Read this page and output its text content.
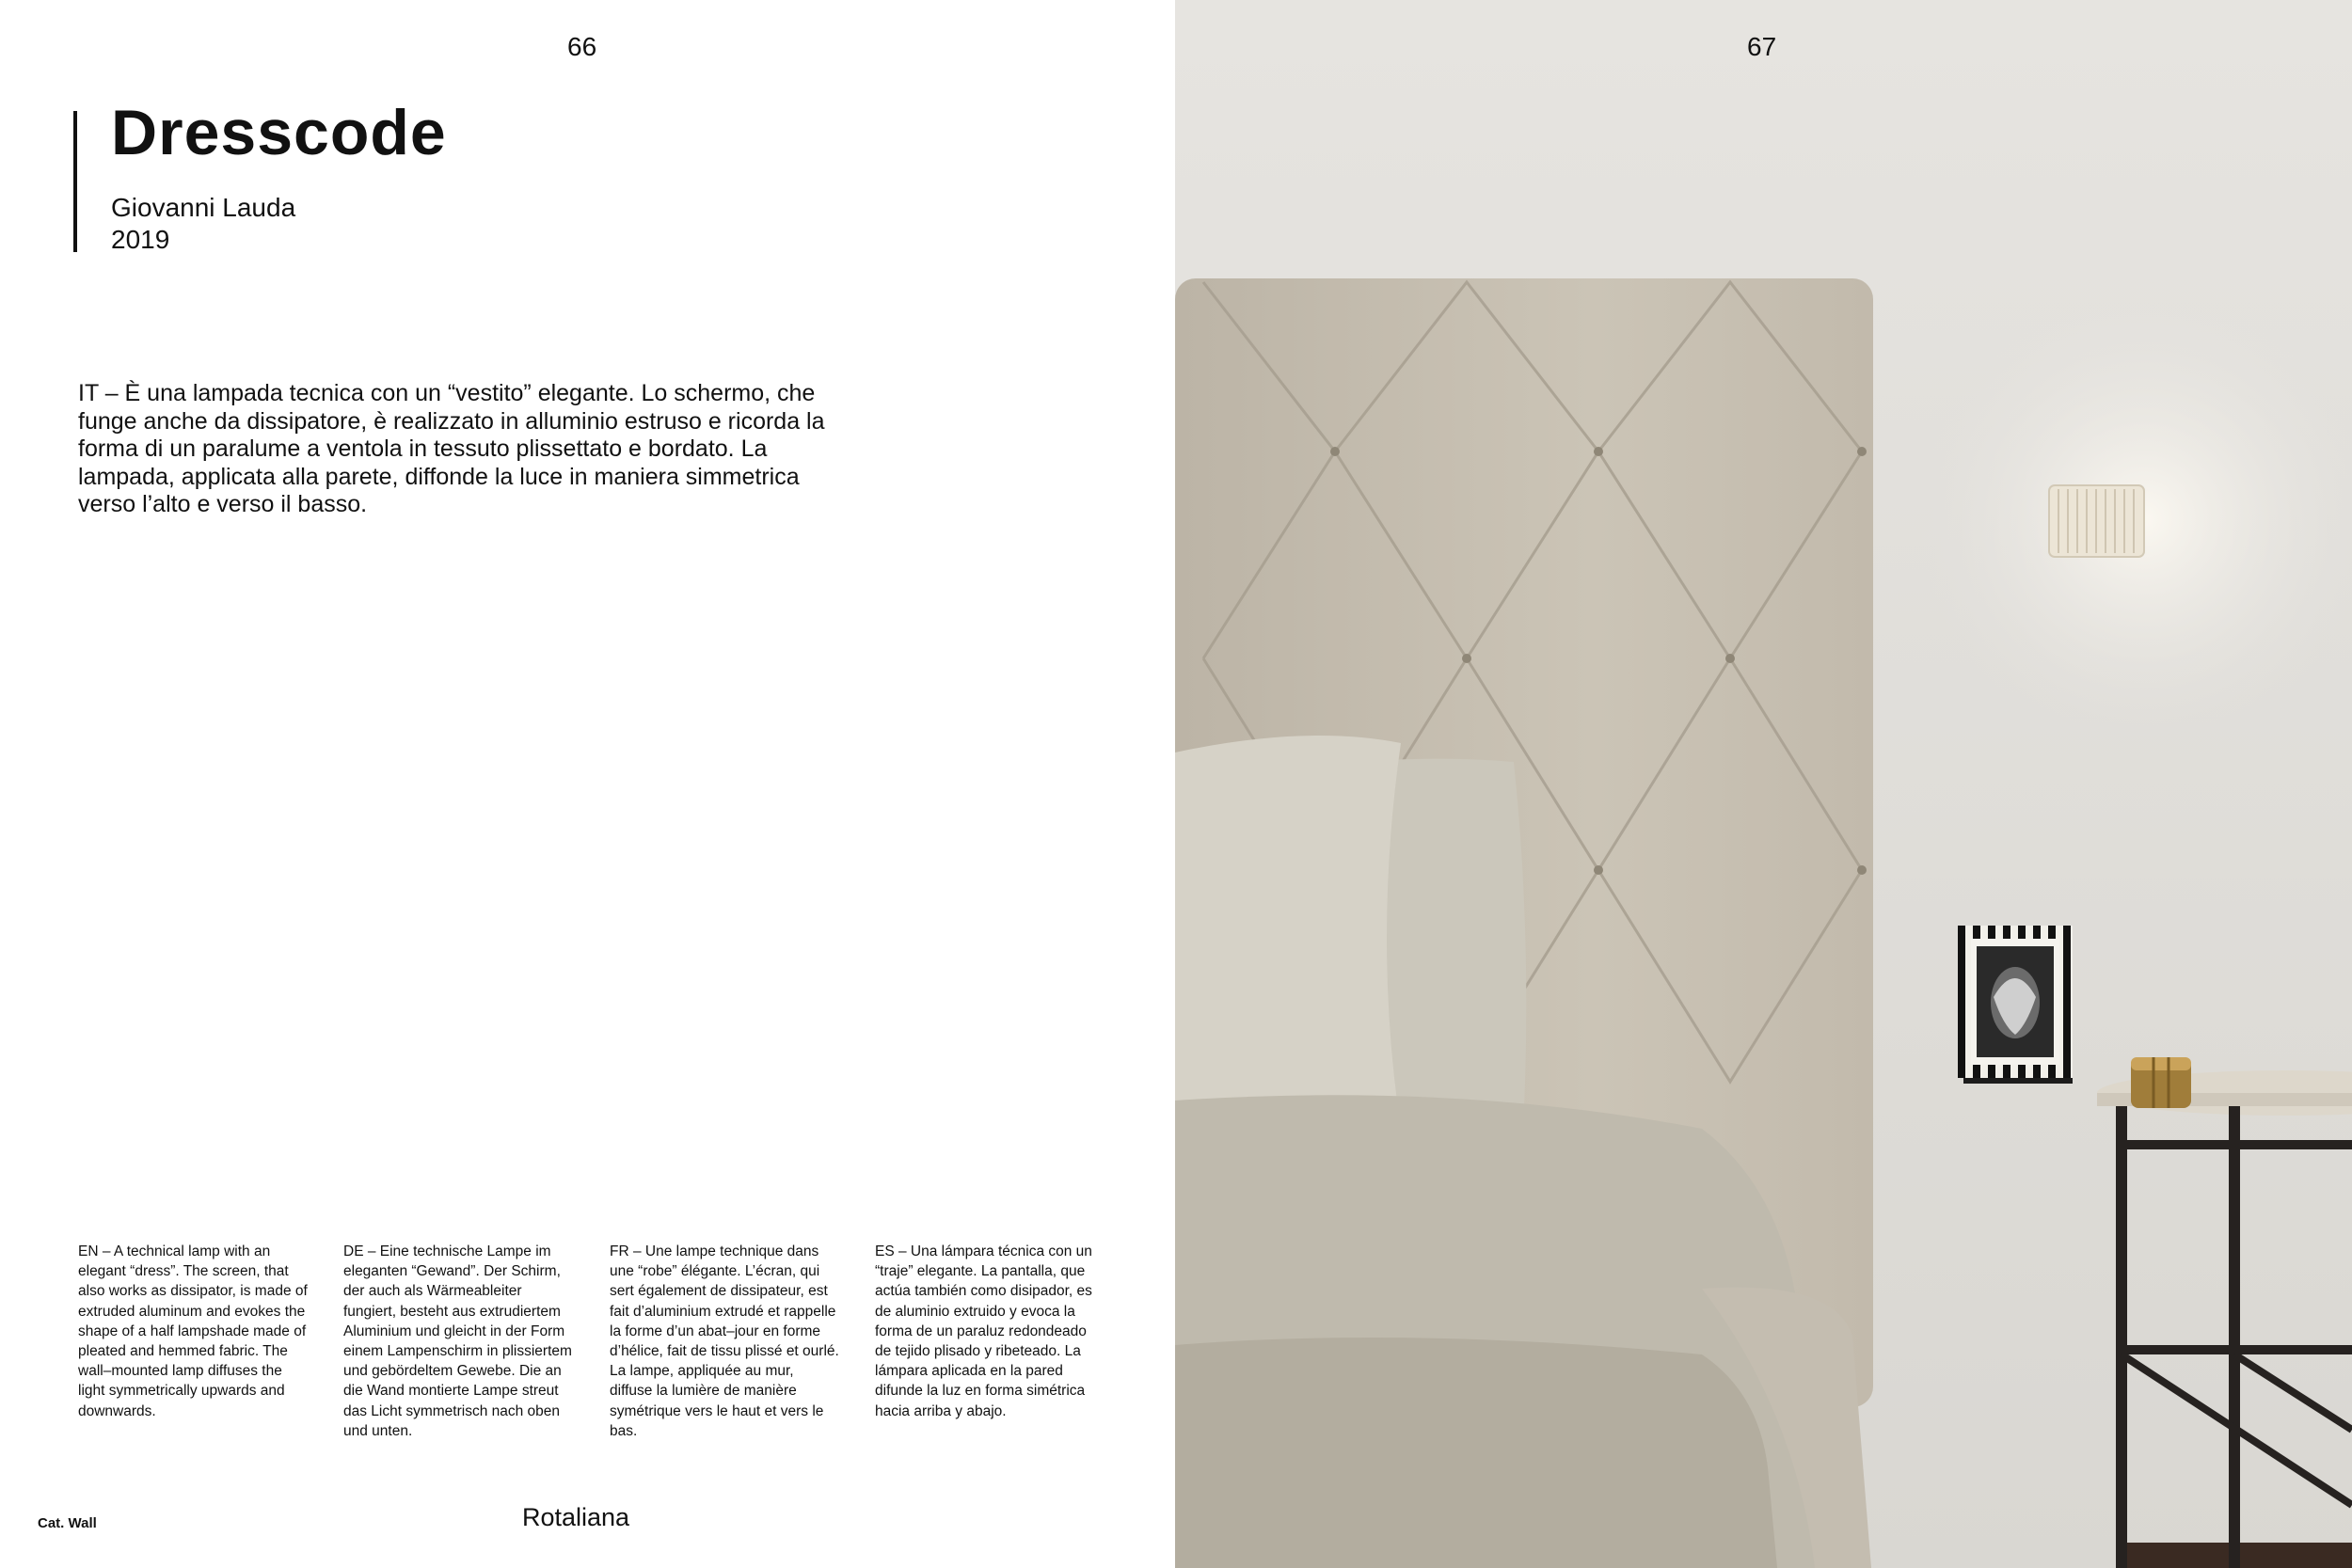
66
Dresscode
Giovanni Lauda
2019

IT – È una lampada tecnica con un “vestito” elegante. Lo schermo, che funge anche da dissipatore, è realizzato in alluminio estruso e ricorda la forma di un paralume a ventola in tessuto plissettato e bordato. La lampada, applicata alla parete, diffonde la luce in maniera simmetrica verso l’alto e verso il basso.

EN – A technical lamp with an elegant “dress”. The screen, that also works as dissipator, is made of extruded aluminum and evokes the shape of a half lampshade made of pleated and hemmed fabric. The wall–mounted lamp diffuses the light symmetrically upwards and downwards.

DE – Eine technische Lampe im eleganten “Gewand”. Der Schirm, der auch als Wärmeableiter fungiert, besteht aus extrudiertem Aluminium und gleicht in der Form einem Lampenschirm in plissiertem und gebördeltem Gewebe. Die an die Wand montierte Lampe streut das Licht symmetrisch nach oben und unten.

FR – Une lampe technique dans une “robe” élégante. L’écran, qui sert également de dissipateur, est fait d’aluminium extrudé et rappelle la forme d’un abat–jour en forme d’hélice, fait de tissu plissé et ourlé. La lampe, appliquée au mur, diffuse la lumière de manière symétrique vers le haut et vers le bas.

ES – Una lámpara técnica con un “traje” elegante. La pantalla, que actúa también como disipador, es de aluminio extruido y evoca la forma de un paraluz redondeado de tejido plisado y ribeteado. La lámpara aplicada en la pared difunde la luz en forma simétrica hacia arriba y abajo.

Cat. Wall	Rotaliana
67
